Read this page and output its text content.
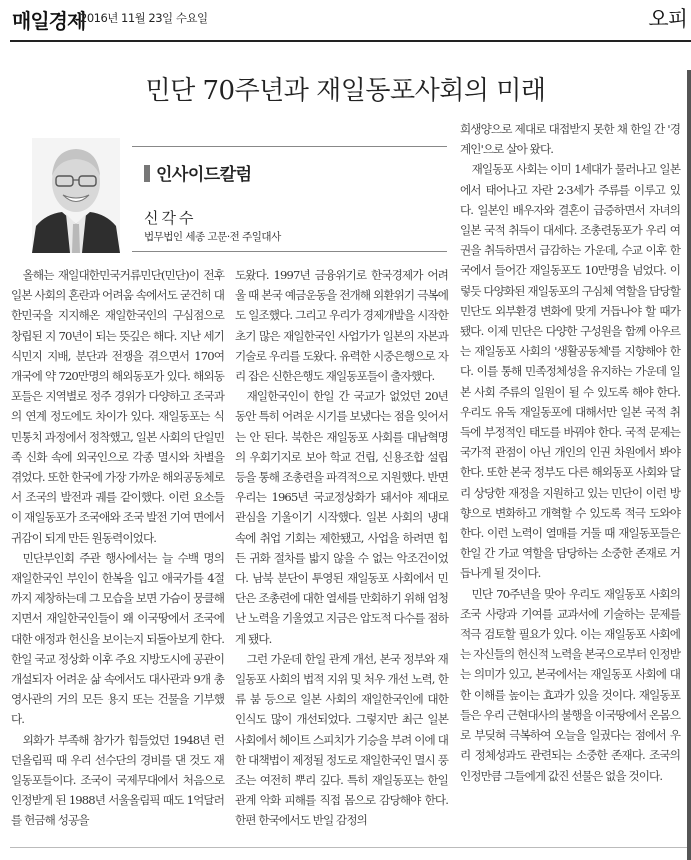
매일경제
2016년 11월 23일 수요일	오피
민단 70주년과 재일동포사회의 미래
인사이드칼럼
신각수
법무법인 세종 고문·전 주일대사

올해는 재일대한민국거류민단(민단)이 전후 일본 사회의 혼란과 어려움 속에서도 굳건히 대한민국을 지지해온 재일한국인의 구심점으로 창립된 지 70년이 되는 뜻깊은 해다. 지난 세기 식민지 지배, 분단과 전쟁을 겪으면서 170여 개국에 약 720만명의 해외동포가 있다. 해외동포들은 지역별로 정주 경위가 다양하고 조국과의 연계 정도에도 차이가 있다. 재일동포는 식민통치 과정에서 정착했고, 일본 사회의 단일민족 신화 속에 외국인으로 각종 멸시와 차별을 겪었다. 또한 한국에 가장 가까운 해외공동체로서 조국의 발전과 궤를 같이했다. 이런 요소들이 재일동포가 조국애와 조국 발전 기여 면에서 귀감이 되게 만든 원동력이었다.

민단부인회 주관 행사에서는 늘 수백 명의 재일한국인 부인이 한복을 입고 애국가를 4절까지 제창하는데 그 모습을 보면 가슴이 뭉클해지면서 재일한국인들이 왜 이국땅에서 조국에 대한 애정과 헌신을 보이는지 되돌아보게 한다. 한일 국교 정상화 이후 주요 지방도시에 공관이 개설되자 어려운 삶 속에서도 대사관과 9개 총영사관의 거의 모든 용지 또는 건물을 기부했다.

외화가 부족해 참가가 힘들었던 1948년 런던올림픽 때 우리 선수단의 경비를 댄 것도 재일동포들이다. 조국이 국제무대에서 처음으로 인정받게 된 1988년 서울올림픽 때도 1억달러를 헌금해 성공을

도왔다. 1997년 금융위기로 한국경제가 어려울 때 본국 예금운동을 전개해 외환위기 극복에도 일조했다. 그리고 우리가 경제개발을 시작한 초기 많은 재일한국인 사업가가 일본의 자본과 기술로 우리를 도왔다. 유력한 시중은행으로 자리 잡은 신한은행도 재일동포들이 출자했다.

재일한국인이 한일 간 국교가 없었던 20년 동안 특히 어려운 시기를 보냈다는 점을 잊어서는 안 된다. 북한은 재일동포 사회를 대남혁명의 우회기지로 보아 학교 건립, 신용조합 설립 등을 통해 조총련을 파격적으로 지원했다. 반면 우리는 1965년 국교정상화가 돼서야 제대로 관심을 기울이기 시작했다. 일본 사회의 냉대 속에 취업 기회는 제한됐고, 사업을 하려면 힘든 귀화 절차를 밟지 않을 수 없는 악조건이었다. 남북 분단이 투영된 재일동포 사회에서 민단은 조총련에 대한 열세를 만회하기 위해 엄청난 노력을 기울였고 지금은 압도적 다수를 점하게 됐다.

그런 가운데 한일 관계 개선, 본국 정부와 재일동포 사회의 법적 지위 및 처우 개선 노력, 한류 붐 등으로 일본 사회의 재일한국인에 대한 인식도 많이 개선되었다. 그렇지만 최근 일본 사회에서 헤이트 스피치가 기승을 부려 이에 대한 대책법이 제정될 정도로 재일한국인 멸시 풍조는 여전히 뿌리 깊다. 특히 재일동포는 한일 관계 악화 피해를 직접 몸으로 감당해야 한다. 한편 한국에서도 반일 감정의

희생양으로 제대로 대접받지 못한 채 한일 간 '경계인'으로 살아 왔다.

재일동포 사회는 이미 1세대가 물러나고 일본에서 태어나고 자란 2·3세가 주류를 이루고 있다. 일본인 배우자와 결혼이 급증하면서 자녀의 일본 국적 취득이 대세다. 조총련동포가 우리 여권을 취득하면서 급감하는 가운데, 수교 이후 한국에서 들어간 재일동포도 10만명을 넘었다. 이렇듯 다양화된 재일동포의 구심체 역할을 담당할 민단도 외부환경 변화에 맞게 거듭나야 할 때가 됐다. 이제 민단은 다양한 구성원을 함께 아우르는 재일동포 사회의 '생활공동체'를 지향해야 한다. 이를 통해 민족정체성을 유지하는 가운데 일본 사회 주류의 일원이 될 수 있도록 해야 한다. 우리도 유독 재일동포에 대해서만 일본 국적 취득에 부정적인 태도를 바꿔야 한다. 국적 문제는 국가적 관점이 아닌 개인의 인권 차원에서 봐야 한다. 또한 본국 정부도 다른 해외동포 사회와 달리 상당한 재정을 지원하고 있는 민단이 이런 방향으로 변화하고 개혁할 수 있도록 적극 도와야 한다. 이런 노력이 열매를 거둘 때 재일동포들은 한일 간 가교 역할을 담당하는 소중한 존재로 거듭나게 될 것이다.

민단 70주년을 맞아 우리도 재일동포 사회의 조국 사랑과 기여를 교과서에 기술하는 문제를 적극 검토할 필요가 있다. 이는 재일동포 사회에는 자신들의 헌신적 노력을 본국으로부터 인정받는 의미가 있고, 본국에서는 재일동포 사회에 대한 이해를 높이는 효과가 있을 것이다. 재일동포들은 우리 근현대사의 불행을 이국땅에서 온몸으로 부딪혀 극복하여 오늘을 일궜다는 점에서 우리 정체성과도 관련되는 소중한 존재다. 조국의 인정만큼 그들에게 값진 선물은 없을 것이다.
